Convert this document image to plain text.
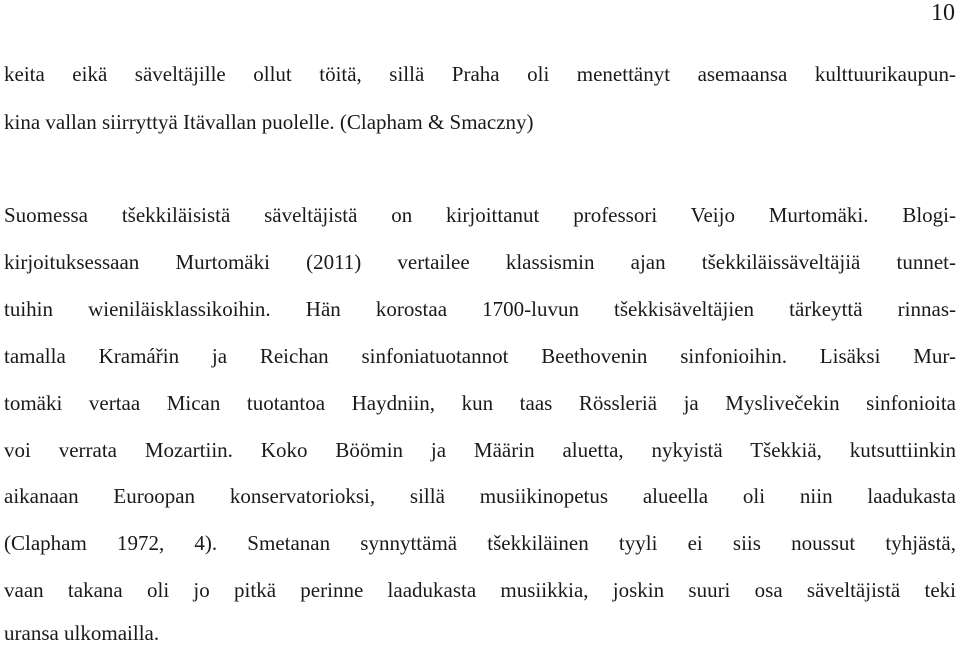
10
keita eikä säveltäjille ollut töitä, sillä Praha oli menettänyt asemaansa kulttuurikaupun-
kina vallan siirryttyä Itävallan puolelle. (Clapham & Smaczny)
Suomessa tšekkiläisistä säveltäjistä on kirjoittanut professori Veijo Murtomäki. Blogi-
kirjoituksessaan Murtomäki (2011) vertailee klassismin ajan tšekkiläissäveltäjiä tunnet-
tuihin wieniläisklassikoihin. Hän korostaa 1700-luvun tšekkisäveltäjien tärkeyttä rinnas-
tamalla Kramářin ja Reichan sinfoniatuotannot Beethovenin sinfonioihin. Lisäksi Mur-
tomäki vertaa Mican tuotantoa Haydniin, kun taas Rössleriä ja Myslivečekin sinfonioita
voi verrata Mozartiin. Koko Böömin ja Määrin aluetta, nykyistä Tšekkiä, kutsuttiinkin
aikanaan Euroopan konservatorioksi, sillä musiikinopetus alueella oli niin laadukasta
(Clapham 1972, 4). Smetanan synnyttämä tšekkiläinen tyyli ei siis noussut tyhjästä,
vaan takana oli jo pitkä perinne laadukasta musiikkia, joskin suuri osa säveltäjistä teki
uransa ulkomailla.
